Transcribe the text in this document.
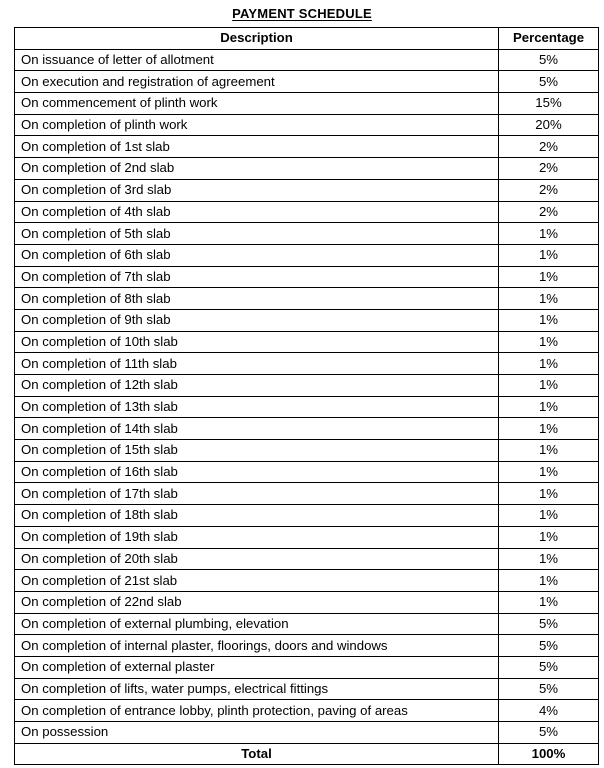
PAYMENT SCHEDULE
Description	Percentage
On issuance of letter of allotment	5%
On execution and registration of agreement	5%
On commencement of plinth work	15%
On completion of plinth work	20%
On completion of 1st slab	2%
On completion of 2nd slab	2%
On completion of 3rd slab	2%
On completion of 4th slab	2%
On completion of 5th slab	1%
On completion of 6th slab	1%
On completion of 7th slab	1%
On completion of 8th slab	1%
On completion of 9th slab	1%
On completion of 10th slab	1%
On completion of 11th slab	1%
On completion of 12th slab	1%
On completion of 13th slab	1%
On completion of 14th slab	1%
On completion of 15th slab	1%
On completion of 16th slab	1%
On completion of 17th slab	1%
On completion of 18th slab	1%
On completion of 19th slab	1%
On completion of 20th slab	1%
On completion of 21st slab	1%
On completion of 22nd slab	1%
On completion of external plumbing, elevation	5%
On completion of internal plaster, floorings, doors and windows	5%
On completion of external plaster	5%
On completion of lifts, water pumps, electrical fittings	5%
On completion of entrance lobby, plinth protection, paving of areas	4%
On possession	5%
Total	100%
